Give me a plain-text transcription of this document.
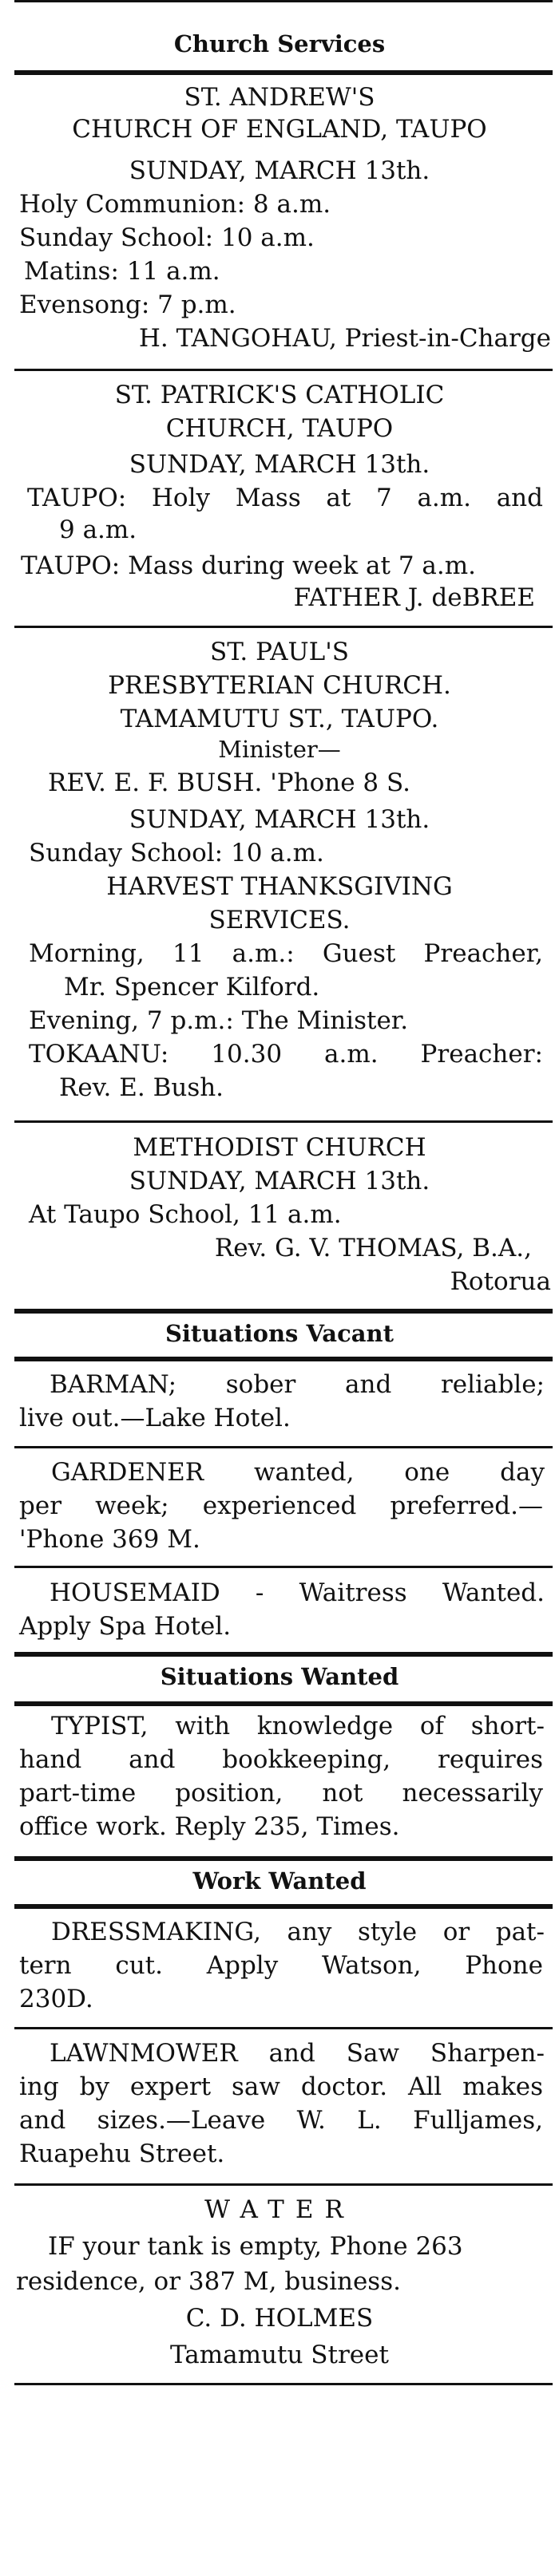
Church Services
ST. ANDREW'S
CHURCH OF ENGLAND, TAUPO
SUNDAY, MARCH 13th.
Holy Communion: 8 a.m.
Sunday School: 10 a.m.
Matins: 11 a.m.
Evensong: 7 p.m.
H. TANGOHAU, Priest-in-Charge
ST. PATRICK'S CATHOLIC
CHURCH, TAUPO
SUNDAY, MARCH 13th.
TAUPO: Holy Mass at 7 a.m. and
9 a.m.
TAUPO: Mass during week at 7 a.m.
FATHER J. deBREE
ST. PAUL'S
PRESBYTERIAN CHURCH.
TAMAMUTU ST., TAUPO.
Minister—
REV. E. F. BUSH. 'Phone 8 S.
SUNDAY, MARCH 13th.
Sunday School: 10 a.m.
HARVEST THANKSGIVING
SERVICES.
Morning, 11 a.m.: Guest Preacher,
Mr. Spencer Kilford.
Evening, 7 p.m.: The Minister.
TOKAANU: 10.30 a.m. Preacher:
Rev. E. Bush.
METHODIST CHURCH
SUNDAY, MARCH 13th.
At Taupo School, 11 a.m.
Rev. G. V. THOMAS, B.A.,
Rotorua
Situations Vacant
BARMAN; sober and reliable;
live out.—Lake Hotel.
GARDENER wanted, one day
per week; experienced preferred.—
'Phone 369 M.
HOUSEMAID - Waitress Wanted.
Apply Spa Hotel.
Situations Wanted
TYPIST, with knowledge of short-
hand and bookkeeping, requires
part-time position, not necessarily
office work. Reply 235, Times.
Work Wanted
DRESSMAKING, any style or pat-
tern cut. Apply Watson, Phone
230D.
LAWNMOWER and Saw Sharpen-
ing by expert saw doctor. All makes
and sizes.—Leave W. L. Fulljames,
Ruapehu Street.
WATER
IF your tank is empty, Phone 263
residence, or 387 M, business.
C. D. HOLMES
Tamamutu Street
